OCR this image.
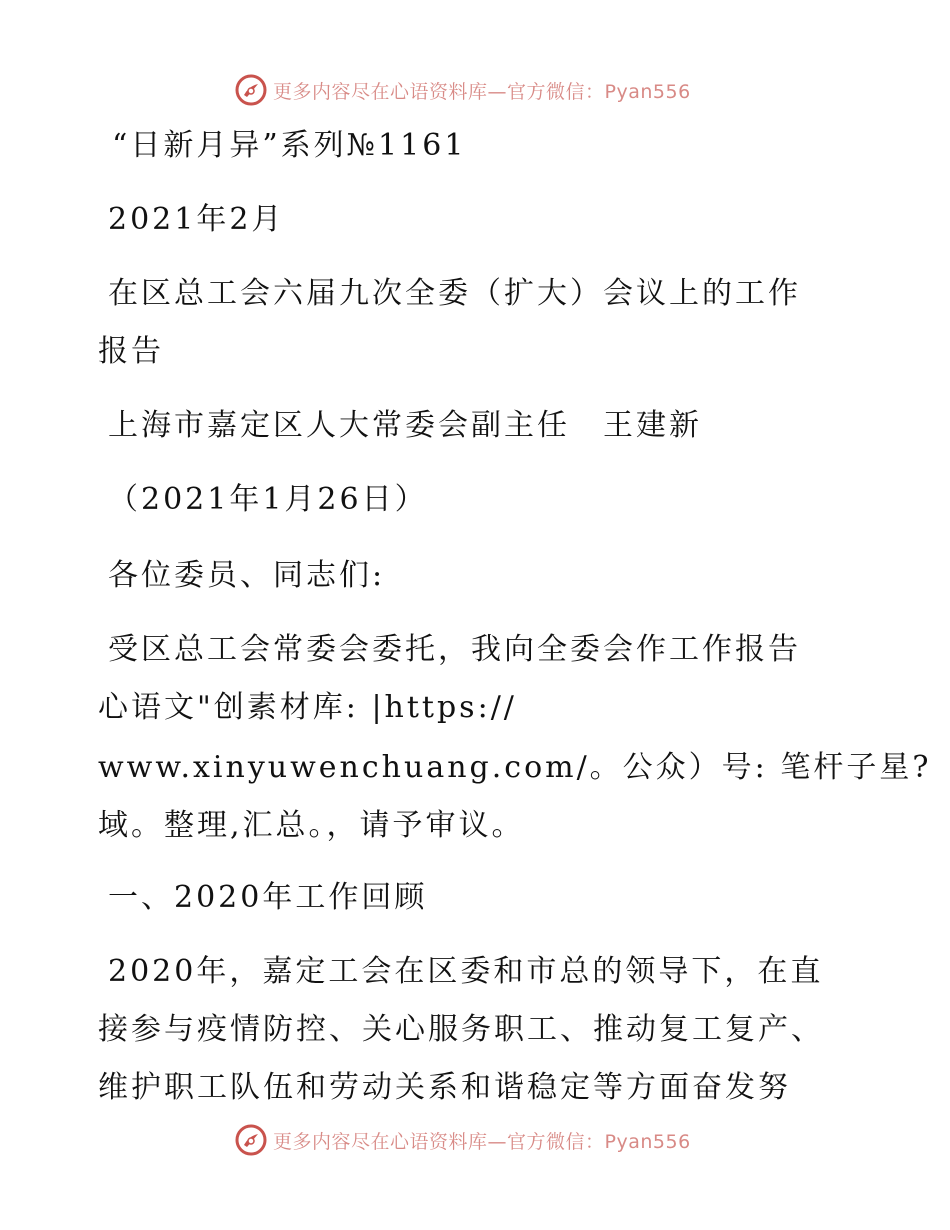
更多内容尽在心语资料库—官方微信：Pyan556
“日新月异”系列№1161
2021年2月
在区总工会六届九次全委（扩大）会议上的工作
报告
上海市嘉定区人大常委会副主任　王建新
（2021年1月26日）
各位委员、同志们:
受区总工会常委会委托，我向全委会作工作报告
心语文"创素材库: |https://
www.xinyuwenchuang.com/。公众）号: 笔杆子星?
域。整理,汇总。，请予审议。
一、2020年工作回顾
2020年，嘉定工会在区委和市总的领导下，在直
接参与疫情防控、关心服务职工、推动复工复产、
维护职工队伍和劳动关系和谐稳定等方面奋发努
更多内容尽在心语资料库—官方微信：Pyan556
